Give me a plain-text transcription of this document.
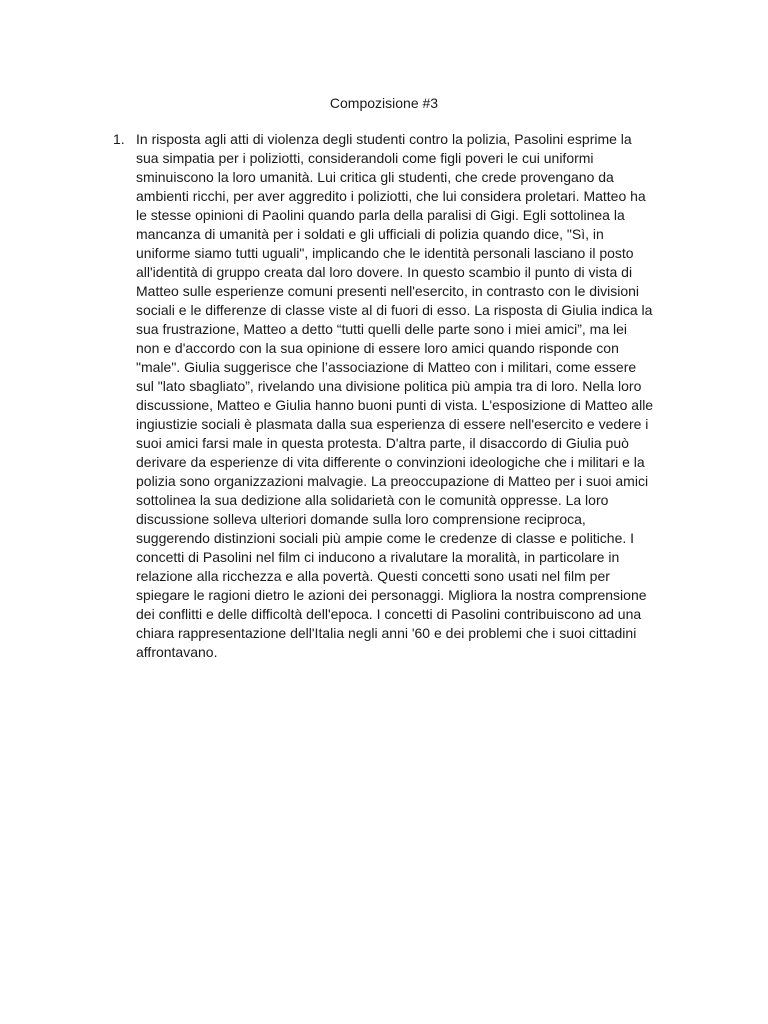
Compozisione #3
1. In risposta agli atti di violenza degli studenti contro la polizia, Pasolini esprime la
sua simpatia per i poliziotti, considerandoli come figli poveri le cui uniformi
sminuiscono la loro umanità. Lui critica gli studenti, che crede provengano da
ambienti ricchi, per aver aggredito i poliziotti, che lui considera proletari. Matteo ha
le stesse opinioni di Paolini quando parla della paralisi di Gigi. Egli sottolinea la
mancanza di umanità per i soldati e gli ufficiali di polizia quando dice, "Sì, in
uniforme siamo tutti uguali", implicando che le identità personali lasciano il posto
all'identità di gruppo creata dal loro dovere. In questo scambio il punto di vista di
Matteo sulle esperienze comuni presenti nell'esercito, in contrasto con le divisioni
sociali e le differenze di classe viste al di fuori di esso. La risposta di Giulia indica la
sua frustrazione, Matteo a detto “tutti quelli delle parte sono i miei amici”, ma lei
non e d'accordo con la sua opinione di essere loro amici quando risponde con
"male". Giulia suggerisce che l’associazione di Matteo con i militari, come essere
sul "lato sbagliato”, rivelando una divisione politica più ampia tra di loro. Nella loro
discussione, Matteo e Giulia hanno buoni punti di vista. L'esposizione di Matteo alle
ingiustizie sociali è plasmata dalla sua esperienza di essere nell'esercito e vedere i
suoi amici farsi male in questa protesta. D'altra parte, il disaccordo di Giulia può
derivare da esperienze di vita differente o convinzioni ideologiche che i militari e la
polizia sono organizzazioni malvagie. La preoccupazione di Matteo per i suoi amici
sottolinea la sua dedizione alla solidarietà con le comunità oppresse. La loro
discussione solleva ulteriori domande sulla loro comprensione reciproca,
suggerendo distinzioni sociali più ampie come le credenze di classe e politiche. I
concetti di Pasolini nel film ci inducono a rivalutare la moralità, in particolare in
relazione alla ricchezza e alla povertà. Questi concetti sono usati nel film per
spiegare le ragioni dietro le azioni dei personaggi. Migliora la nostra comprensione
dei conflitti e delle difficoltà dell'epoca. I concetti di Pasolini contribuiscono ad una
chiara rappresentazione dell'Italia negli anni '60 e dei problemi che i suoi cittadini
affrontavano.
